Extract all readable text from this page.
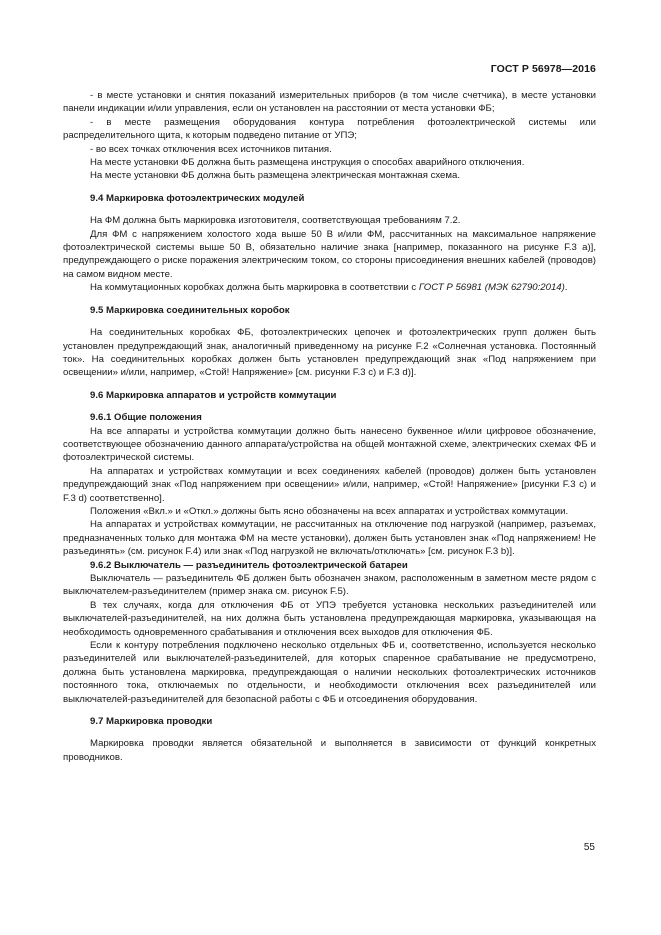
ГОСТ Р 56978—2016

- в месте установки и снятия показаний измерительных приборов (в том числе счетчика), в месте установки панели индикации и/или управления, если он установлен на расстоянии от места установки ФБ;

- в месте размещения оборудования контура потребления фотоэлектрической системы или распределительного щита, к которым подведено питание от УПЭ;

- во всех точках отключения всех источников питания.

На месте установки ФБ должна быть размещена инструкция о способах аварийного отключения.

На месте установки ФБ должна быть размещена электрическая монтажная схема.

9.4 Маркировка фотоэлектрических модулей

На ФМ должна быть маркировка изготовителя, соответствующая требованиям 7.2.

Для ФМ с напряжением холостого хода выше 50 В и/или ФМ, рассчитанных на максимальное напряжение фотоэлектрической системы выше 50 В, обязательно наличие знака [например, показанного на рисунке F.3 a)], предупреждающего о риске поражения электрическим током, со стороны присоединения внешних кабелей (проводов) на самом видном месте.

На коммутационных коробках должна быть маркировка в соответствии с ГОСТ Р 56981 (МЭК 62790:2014).

9.5 Маркировка соединительных коробок

На соединительных коробках ФБ, фотоэлектрических цепочек и фотоэлектрических групп должен быть установлен предупреждающий знак, аналогичный приведенному на рисунке F.2 «Солнечная установка. Постоянный ток». На соединительных коробках должен быть установлен предупреждающий знак «Под напряжением при освещении» и/или, например, «Стой! Напряжение» [см. рисунки F.3 c) и F.3 d)].

9.6 Маркировка аппаратов и устройств коммутации

9.6.1 Общие положения

На все аппараты и устройства коммутации должно быть нанесено буквенное и/или цифровое обозначение, соответствующее обозначению данного аппарата/устройства на общей монтажной схеме, электрических схемах ФБ и фотоэлектрической системы.

На аппаратах и устройствах коммутации и всех соединениях кабелей (проводов) должен быть установлен предупреждающий знак «Под напряжением при освещении» и/или, например, «Стой! Напряжение» [рисунки F.3 c) и F.3 d) соответственно].

Положения «Вкл.» и «Откл.» должны быть ясно обозначены на всех аппаратах и устройствах коммутации.

На аппаратах и устройствах коммутации, не рассчитанных на отключение под нагрузкой (например, разъемах, предназначенных только для монтажа ФМ на месте установки), должен быть установлен знак «Под напряжением! Не разъединять» (см. рисунок F.4) или знак «Под нагрузкой не включать/отключать» [см. рисунок F.3 b)].

9.6.2 Выключатель — разъединитель фотоэлектрической батареи

Выключатель — разъединитель ФБ должен быть обозначен знаком, расположенным в заметном месте рядом с выключателем-разъединителем (пример знака см. рисунок F.5).

В тех случаях, когда для отключения ФБ от УПЭ требуется установка нескольких разъединителей или выключателей-разъединителей, на них должна быть установлена предупреждающая маркировка, указывающая на необходимость одновременного срабатывания и отключения всех выходов для отключения ФБ.

Если к контуру потребления подключено несколько отдельных ФБ и, соответственно, используется несколько разъединителей или выключателей-разъединителей, для которых спаренное срабатывание не предусмотрено, должна быть установлена маркировка, предупреждающая о наличии нескольких фотоэлектрических источников постоянного тока, отключаемых по отдельности, и необходимости отключения всех разъединителей или выключателей-разъединителей для безопасной работы с ФБ и отсоединения оборудования.

9.7 Маркировка проводки

Маркировка проводки является обязательной и выполняется в зависимости от функций конкретных проводников.

55
